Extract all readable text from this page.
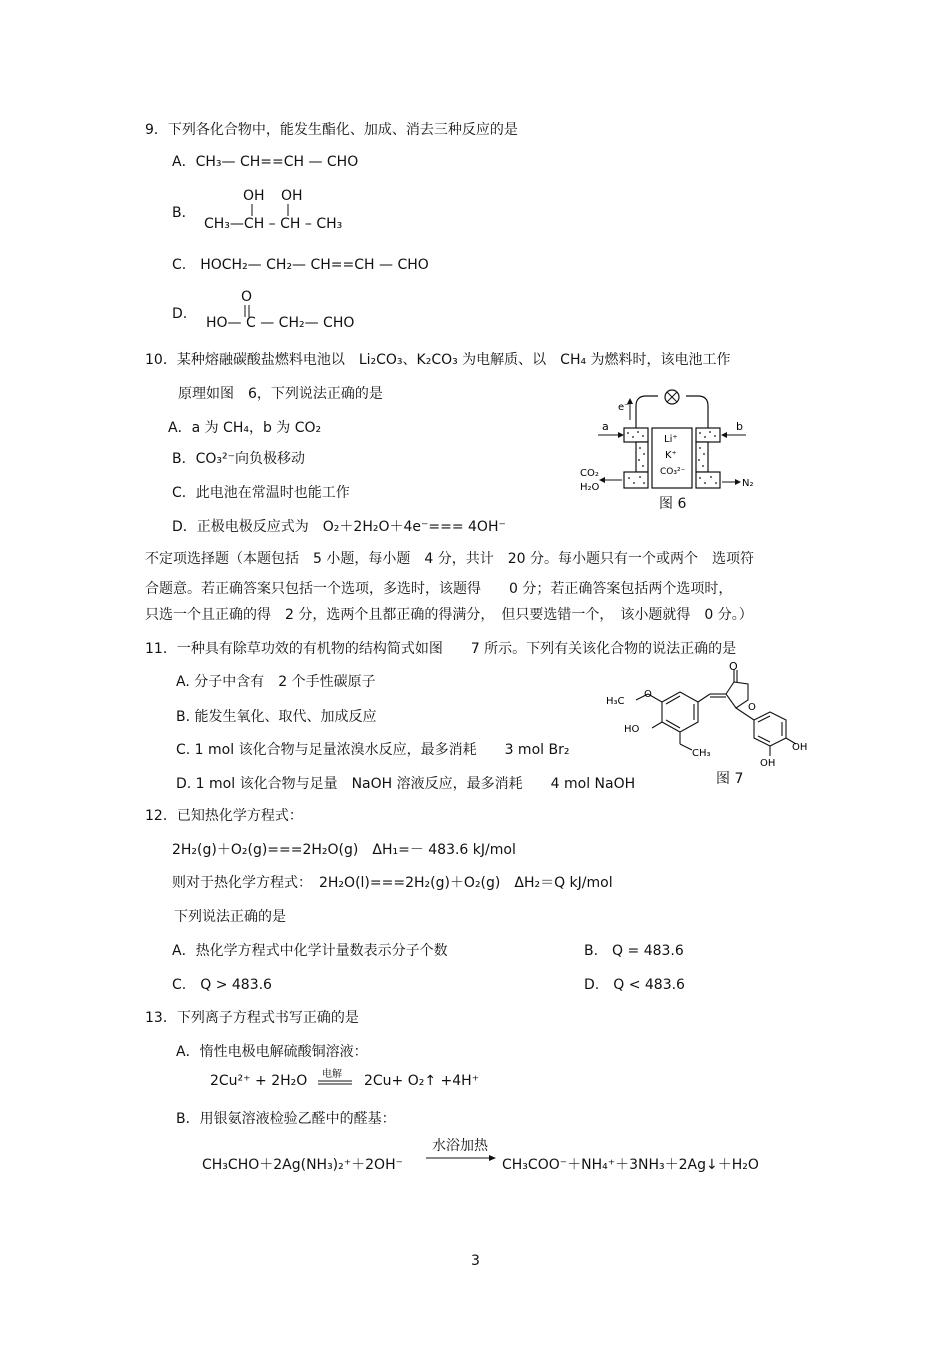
9．下列各化合物中，能发生酯化、加成、消去三种反应的是
A．CH₃— CH==CH — CHO
B．
OH OH
CH₃—CH – CH – CH₃
C.　HOCH₂— CH₂— CH==CH — CHO
D.
O
HO— C — CH₂— CHO
10．某种熔融碳酸盐燃料电池以　Li₂CO₃、K₂CO₃ 为电解质、以　CH₄ 为燃料时，该电池工作
原理如图　6，下列说法正确的是
A．a 为 CH₄，b 为 CO₂
B．CO₃²⁻向负极移动
C．此电池在常温时也能工作
D．正极电极反应式为　O₂＋2H₂O＋4e⁻=== 4OH⁻
e⁻
Li⁺
K⁺
CO₃²⁻
a	b
CO₂
H₂O	N₂
图 6
不定项选择题（本题包括　5 小题，每小题　4 分，共计　20 分。每小题只有一个或两个　选项符
合题意。若正确答案只包括一个选项，多选时，该题得　　0 分；若正确答案包括两个选项时，
只选一个且正确的得　2 分，选两个且都正确的得满分，　但只要选错一个，　该小题就得　0 分。）
11．一种具有除草功效的有机物的结构简式如图　　7 所示。下列有关该化合物的说法正确的是
A. 分子中含有　2 个手性碳原子
B. 能发生氧化、取代、加成反应
C. 1 mol 该化合物与足量浓溴水反应，最多消耗　　3 mol Br₂
D. 1 mol 该化合物与足量　NaOH 溶液反应，最多消耗　　4 mol NaOH
O
H₃C
HO
O
CH₃
O
OH
OH
图 7
12．已知热化学方程式：
2H₂(g)＋O₂(g)===2H₂O(g)　ΔH₁=－ 483.6 kJ/mol
则对于热化学方程式：　2H₂O(l)===2H₂(g)＋O₂(g)　ΔH₂＝Q kJ/mol
下列说法正确的是
A．热化学方程式中化学计量数表示分子个数	B.　Q = 483.6
C.　Q > 483.6	D.　Q < 483.6
13．下列离子方程式书写正确的是
A．惰性电极电解硫酸铜溶液：
2Cu²⁺ + 2H₂O 电解 2Cu+ O₂↑ +4H⁺
B．用银氨溶液检验乙醛中的醛基：
水浴加热
CH₃CHO＋2Ag(NH₃)₂⁺＋2OH⁻	CH₃COO⁻＋NH₄⁺＋3NH₃＋2Ag↓＋H₂O
3
